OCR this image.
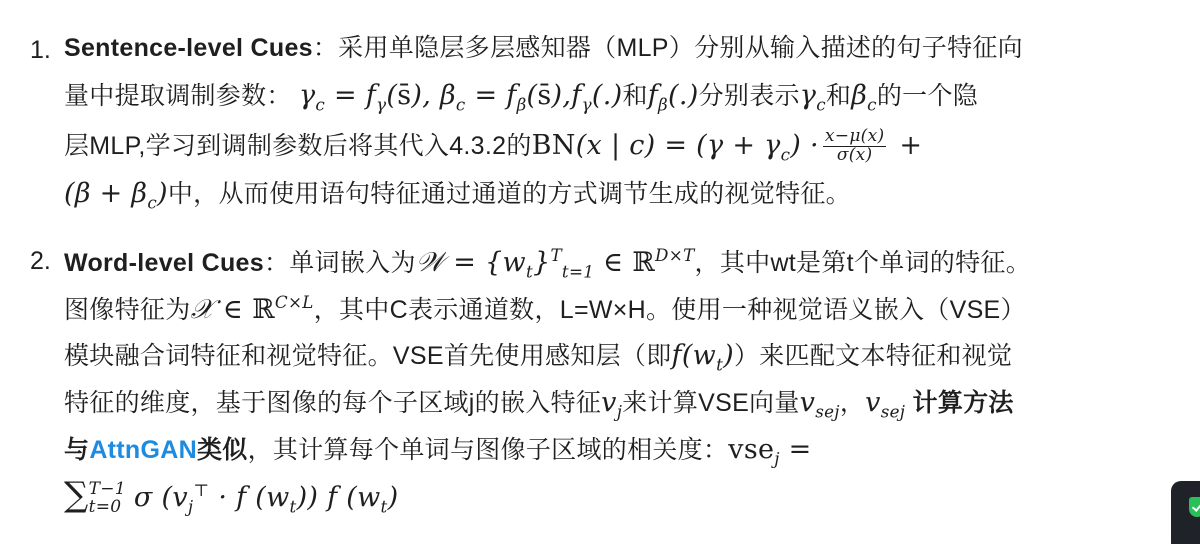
1. Sentence-level Cues：采用单隐层多层感知器（MLP）分别从输入描述的句子特征向
量中提取调制参数： $\gamma_c$ = $f_\gamma(s̄)$, $\beta_c$ = $f_\beta(s̄),f_\gamma(.)$和$f_\beta(.)$分别表示$\gamma_c$和$\beta_c$的一个隐
层MLP,学习到调制参数后将其代入4.3.2的BN(x | $c) = (\gamma + \gamma_c) \cdot \frac{x-\mu(x)}{\sigma(x)}$ +
$(\beta + \beta_c)$中，从而使用语句特征通过通道的方式调节生成的视觉特征。
2. Word-level Cues：单词嵌入为𝒲 = $\{w_t\}^T_{t=1}$ ∈ ℝ$^{D\times T}$，其中wt是第t个单词的特征。
图像特征为𝒳 ∈ ℝ$^{C\times L}$，其中C表示通道数，L=W×H。使用一种视觉语义嵌入（VSE）
模块融合词特征和视觉特征。VSE首先使用感知层（即$f(w_t)$）来匹配文本特征和视觉
特征的维度，基于图像的每个子区域j的嵌入特征$v_j$来计算VSE向量$v_{sej}$，$v_{sej}$ 计算方法
与AttnGAN类似，其计算每个单词与图像子区域的相关度：vse$_j$ =
∑ T−1
t=0 σ ($v_j^⊤ \cdot f$ $(w_t)$) f $(w_t)$
